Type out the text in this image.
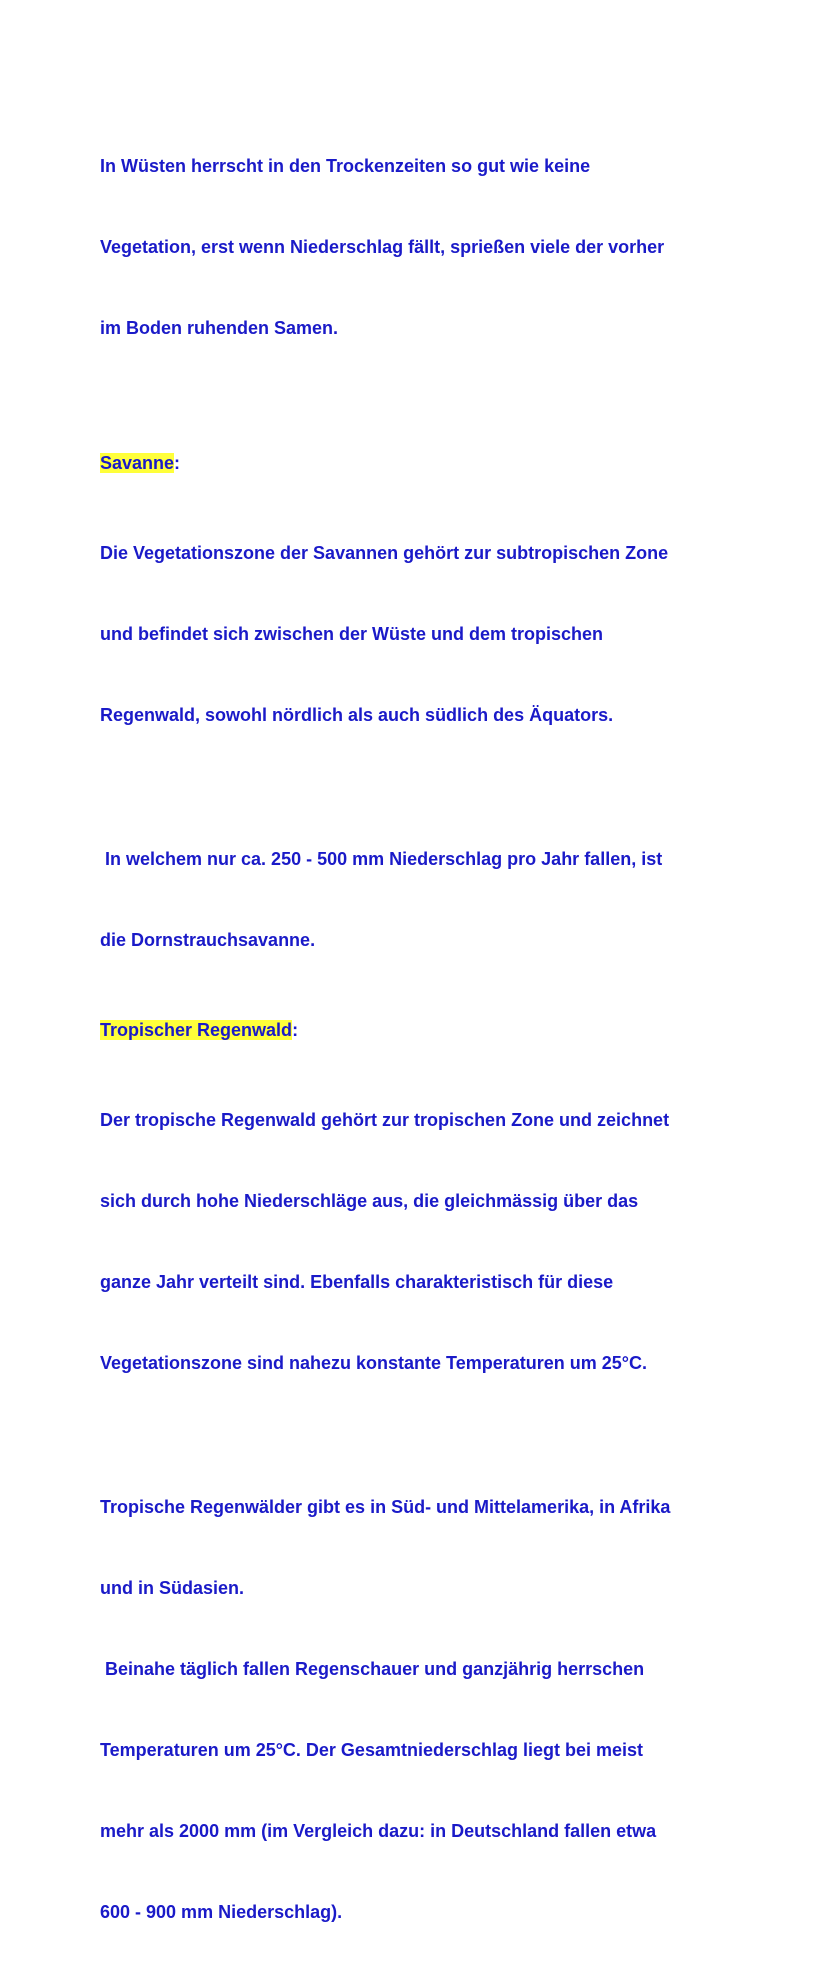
In Wüsten herrscht in den Trockenzeiten so gut wie keine

Vegetation, erst wenn Niederschlag fällt, sprießen viele der vorher

im Boden ruhenden Samen.

Savanne:

Die Vegetationszone der Savannen gehört zur subtropischen Zone

und befindet sich zwischen der Wüste und dem tropischen

Regenwald, sowohl nördlich als auch südlich des Äquators.

In welchem nur ca. 250 - 500 mm Niederschlag pro Jahr fallen, ist

die Dornstrauchsavanne.

Tropischer Regenwald:

Der tropische Regenwald gehört zur tropischen Zone und zeichnet

sich durch hohe Niederschläge aus, die gleichmässig über das

ganze Jahr verteilt sind. Ebenfalls charakteristisch für diese

Vegetationszone sind nahezu konstante Temperaturen um 25°C.

Tropische Regenwälder gibt es in Süd- und Mittelamerika, in Afrika

und in Südasien.

Beinahe täglich fallen Regenschauer und ganzjährig herrschen

Temperaturen um 25°C. Der Gesamtniederschlag liegt bei meist

mehr als 2000 mm (im Vergleich dazu: in Deutschland fallen etwa

600 - 900 mm Niederschlag).
